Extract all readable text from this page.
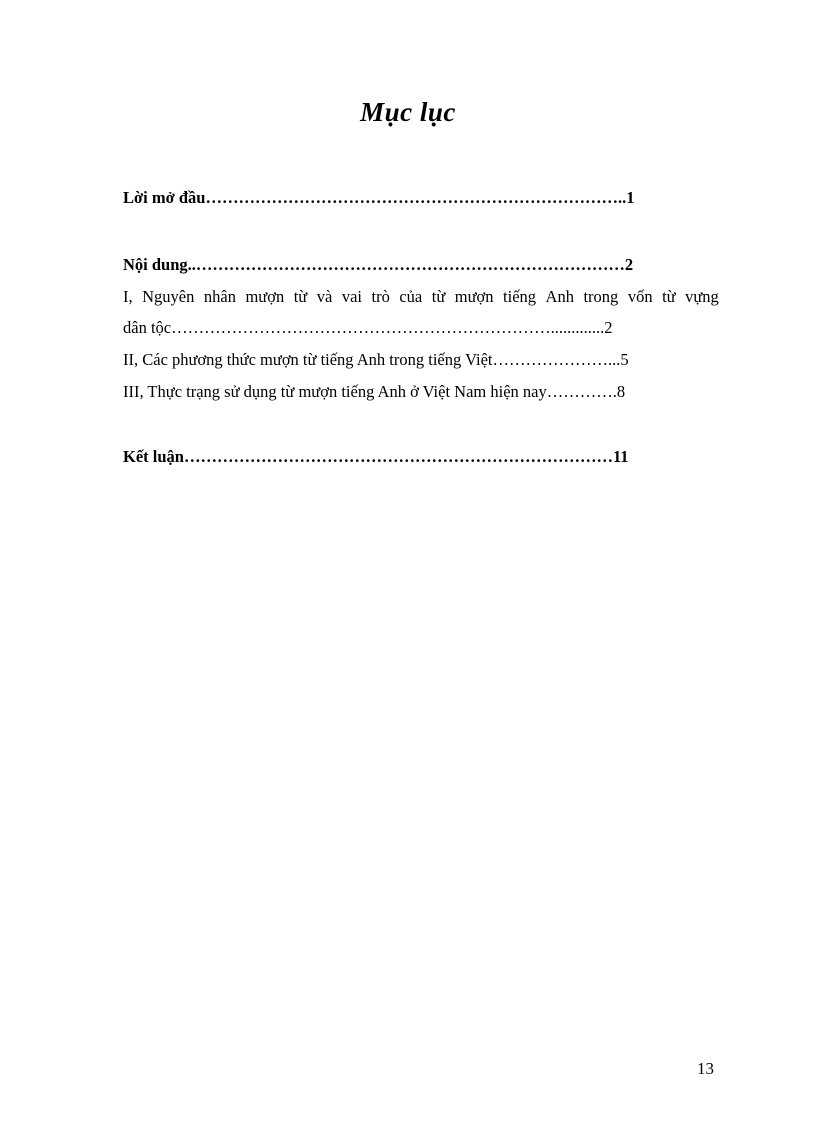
Mục lục
Lời mở đầu…………………………………………………………………..1
Nội dung..……………………………………………………………………2
I, Nguyên nhân mượn từ và vai trò của từ mượn tiếng Anh trong vốn từ vựng
dân tộc…………………………………………………………….............2
II, Các phương thức mượn từ tiếng Anh trong tiếng Việt…………………...5
III, Thực trạng sử dụng từ mượn tiếng Anh ở Việt Nam hiện nay………….8
Kết luận……………………………………………………………………11
13
